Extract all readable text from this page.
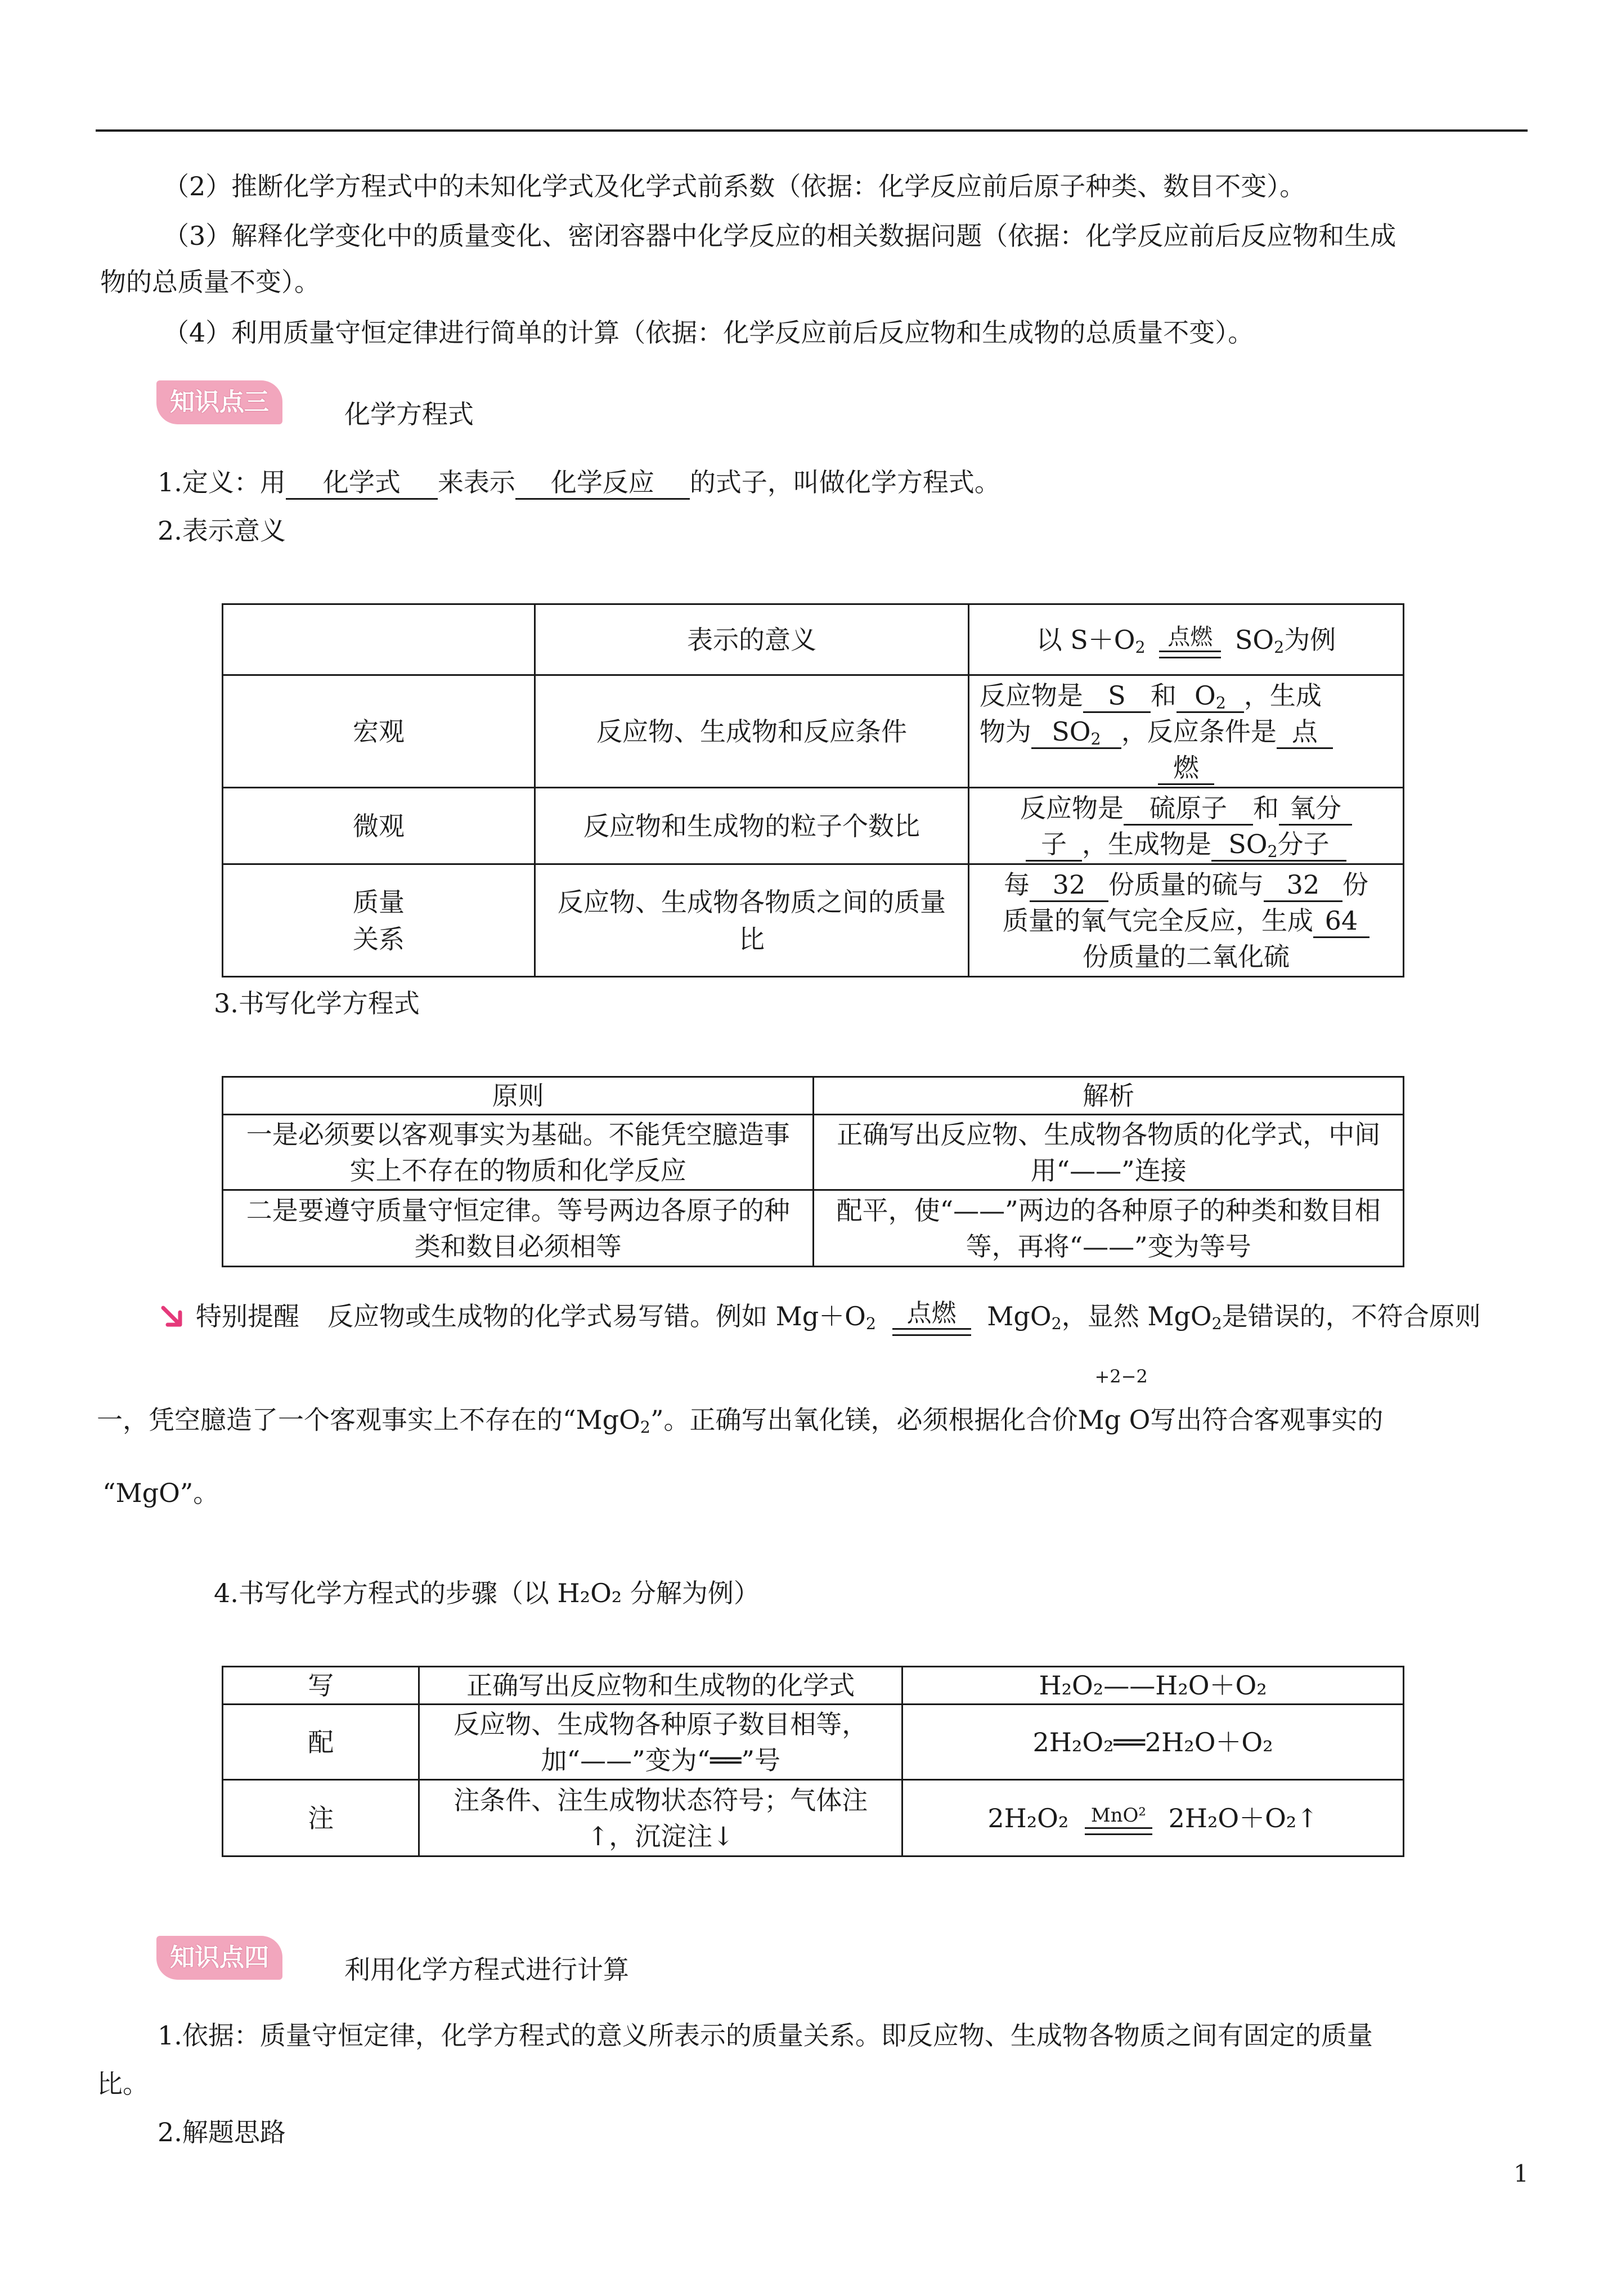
（2）推断化学方程式中的未知化学式及化学式前系数（依据：化学反应前后原子种类、数目不变）。
（3）解释化学变化中的质量变化、密闭容器中化学反应的相关数据问题（依据：化学反应前后反应物和生成
物的总质量不变）。
（4）利用质量守恒定律进行简单的计算（依据：化学反应前后反应物和生成物的总质量不变）。
知识点三	化学方程式
1.定义：用 化学式 来表示 化学反应 的式子，叫做化学方程式。
2.表示意义
	表示的意义	以 $S+O_2$ 点燃 $SO_2$为例
宏观	反应物、生成物和反应条件	反应物是 S 和 $O_2$ ，生成
物为 $SO_2$ ，反应条件是 点

燃

微观	反应物和生成物的粒子个数比	反应物是 硫原子 和 氧分
子 ，生成物是 $SO_2$分子
质量
关系	反应物、生成物各物质之间的质量比	每 32 份质量的硫与 32 份
质量的氧气完全反应，生成 64
份质量的二氧化硫
3.书写化学方程式
原则	解析
一是必须要以客观事实为基础。不能凭空臆造事实上不存在的物质和化学反应	正确写出反应物、生成物各物质的化学式，中间用“——”连接
二是要遵守质量守恒定律。等号两边各原子的种类和数目必须相等	配平，使“——”两边的各种原子的种类和数目相等，再将“——”变为等号
特别提醒 反应物或生成物的化学式易写错。例如 $Mg+O_2$	点燃	MgO$_2$，显然 MgO$_2$是错误的，不符合原则
一，凭空臆造了一个客观事实上不存在的“MgO$_2$”。正确写出氧化镁，必须根据化合价
+2−2
Mg O写出符合客观事实的
“MgO”。
4.书写化学方程式的步骤（以 H₂O₂ 分解为例）
写	正确写出反应物和生成物的化学式	H₂O₂——H₂O＋O₂
配	反应物、生成物各种原子数目相等，加“——”变为“══”号	2H₂O₂══2H₂O＋O₂
注	注条件、注生成物状态符号；气体注↑，沉淀注↓	2H₂O₂ MnO² 2H₂O＋O₂↑
知识点四	利用化学方程式进行计算
1.依据：质量守恒定律，化学方程式的意义所表示的质量关系。即反应物、生成物各物质之间有固定的质量
比。
2.解题思路
1
